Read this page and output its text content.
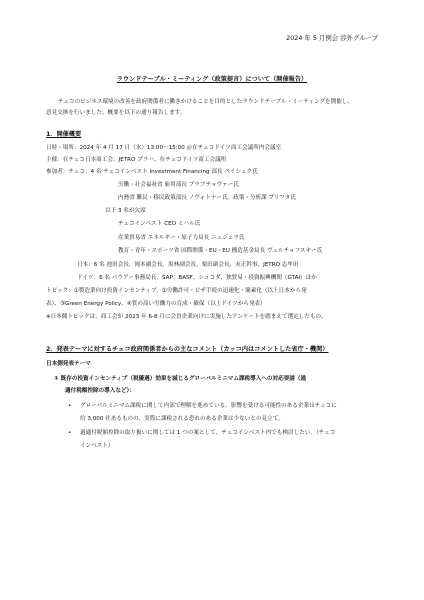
2024 年 5 月例会 渉外グループ
ラウンドテーブル・ミーティング（政策提言）について（開催報告）
チェコのビジネス環境の改善を政府関係者に働きかけることを目的としたラウンドテーブル・ミーティングを開催し、
意見交換を行いました。概要を以下の通り報告します。
1．開催概要
日時・場所：2024 年 4 月 17 日（水）13:00～15:00 ＠在チェコドイツ商工会議所内会議室
主催：在チェコ日本商工会、JETRO プラハ、在チェコドイツ商工会議所
参加者：チェコ：4 名 チェコインベスト Investment Financing 部長 ペイシェク氏
労働・社会福祉省 雇用部長 ブラブチョヴァー氏
内務省 難民・移民政策部長 ノヴォトナー氏、政策・分析課 プリフタ氏
以下 3 名が欠席
チェコインベスト CEO ミハル氏
産業貿易省 エネルギー・原子力局長 ニェジェラ氏
教育・青年・スポーツ省 国際関係・EU・EU 構造基金局長 ヴェルチョフスキー氏
日本：6 名 池田会長、岡本副会長、黒林副会長、栗田副会長、末正幹事、JETRO 志牟田
ドイツ：6 名 パウアー事務局長、SAP、BASF、シュコダ、独貿易・投資振興機関（GTAI）ほか
トピック：①製造業向け投資インセンティブ、②労働許可・ビザ手続の迅速化・簡素化（以上日本から発
表）、③Green Energy Policy、④質の高い労働力の育成・確保（以上ドイツから発表）
※日本側トピックは、商工会が 2023 年 6-8 月に会員企業向けに実施したアンケートを踏まえて選定したもの。
2．発表テーマに対するチェコ政府関係者からの主なコメント（カッコ内はコメントした省庁・機関）
日本側発表テーマ
① 既存の投資インセンティブ（税優遇）効果を減じるグローバルミニマム課税導入への対応要請（過
適付税額控除の導入など）：
• グローバルミニマム課税に関して内部で理解を進めている。影響を受ける可能性のある企業はチェコに
約 3,000 社あるものの、実際に課税される恐れのある企業は少ないとの見立て。
• 過適付税額控除の取り扱いに関しては 1 つの案として、チェコインベスト内でも検討したい。（チェコ
インベスト）
